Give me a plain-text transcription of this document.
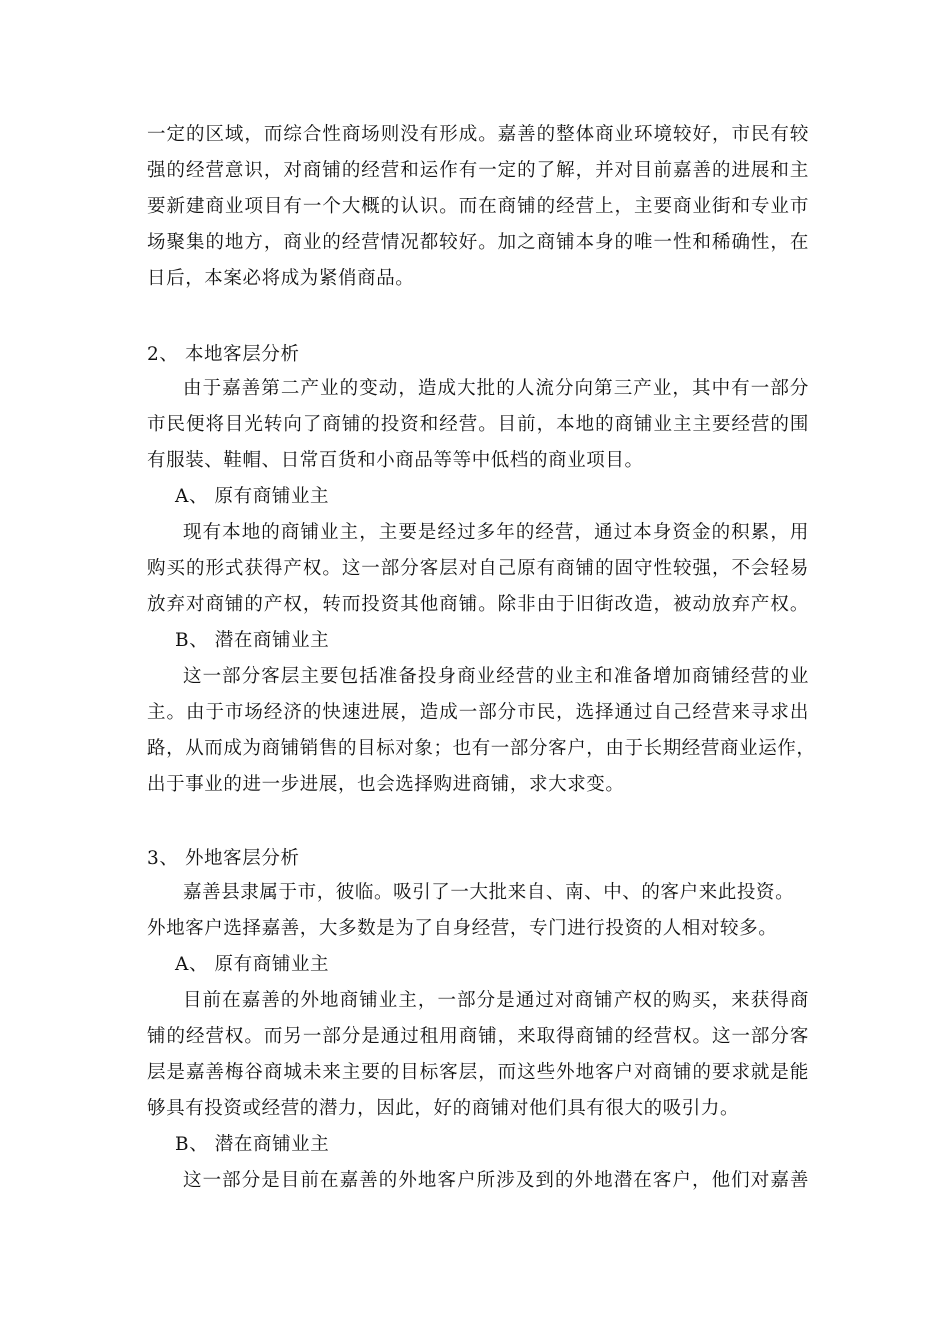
一定的区域，而综合性商场则没有形成。嘉善的整体商业环境较好，市民有较
强的经营意识，对商铺的经营和运作有一定的了解，并对目前嘉善的进展和主
要新建商业项目有一个大概的认识。而在商铺的经营上，主要商业街和专业市
场聚集的地方，商业的经营情况都较好。加之商铺本身的唯一性和稀确性，在
日后，本案必将成为紧俏商品。
2、 本地客层分析
由于嘉善第二产业的变动，造成大批的人流分向第三产业，其中有一部分
市民便将目光转向了商铺的投资和经营。目前，本地的商铺业主主要经营的围
有服装、鞋帽、日常百货和小商品等等中低档的商业项目。
A、 原有商铺业主
现有本地的商铺业主，主要是经过多年的经营，通过本身资金的积累，用
购买的形式获得产权。这一部分客层对自己原有商铺的固守性较强，不会轻易
放弃对商铺的产权，转而投资其他商铺。除非由于旧街改造，被动放弃产权。
B、 潜在商铺业主
这一部分客层主要包括准备投身商业经营的业主和准备增加商铺经营的业
主。由于市场经济的快速进展，造成一部分市民，选择通过自己经营来寻求出
路，从而成为商铺销售的目标对象；也有一部分客户，由于长期经营商业运作，
出于事业的进一步进展，也会选择购进商铺，求大求变。
3、 外地客层分析
嘉善县隶属于市，彼临。吸引了一大批来自、南、中、的客户来此投资。
外地客户选择嘉善，大多数是为了自身经营，专门进行投资的人相对较多。
A、 原有商铺业主
目前在嘉善的外地商铺业主，一部分是通过对商铺产权的购买，来获得商
铺的经营权。而另一部分是通过租用商铺，来取得商铺的经营权。这一部分客
层是嘉善梅谷商城未来主要的目标客层，而这些外地客户对商铺的要求就是能
够具有投资或经营的潜力，因此，好的商铺对他们具有很大的吸引力。
B、 潜在商铺业主
这一部分是目前在嘉善的外地客户所涉及到的外地潜在客户，他们对嘉善
